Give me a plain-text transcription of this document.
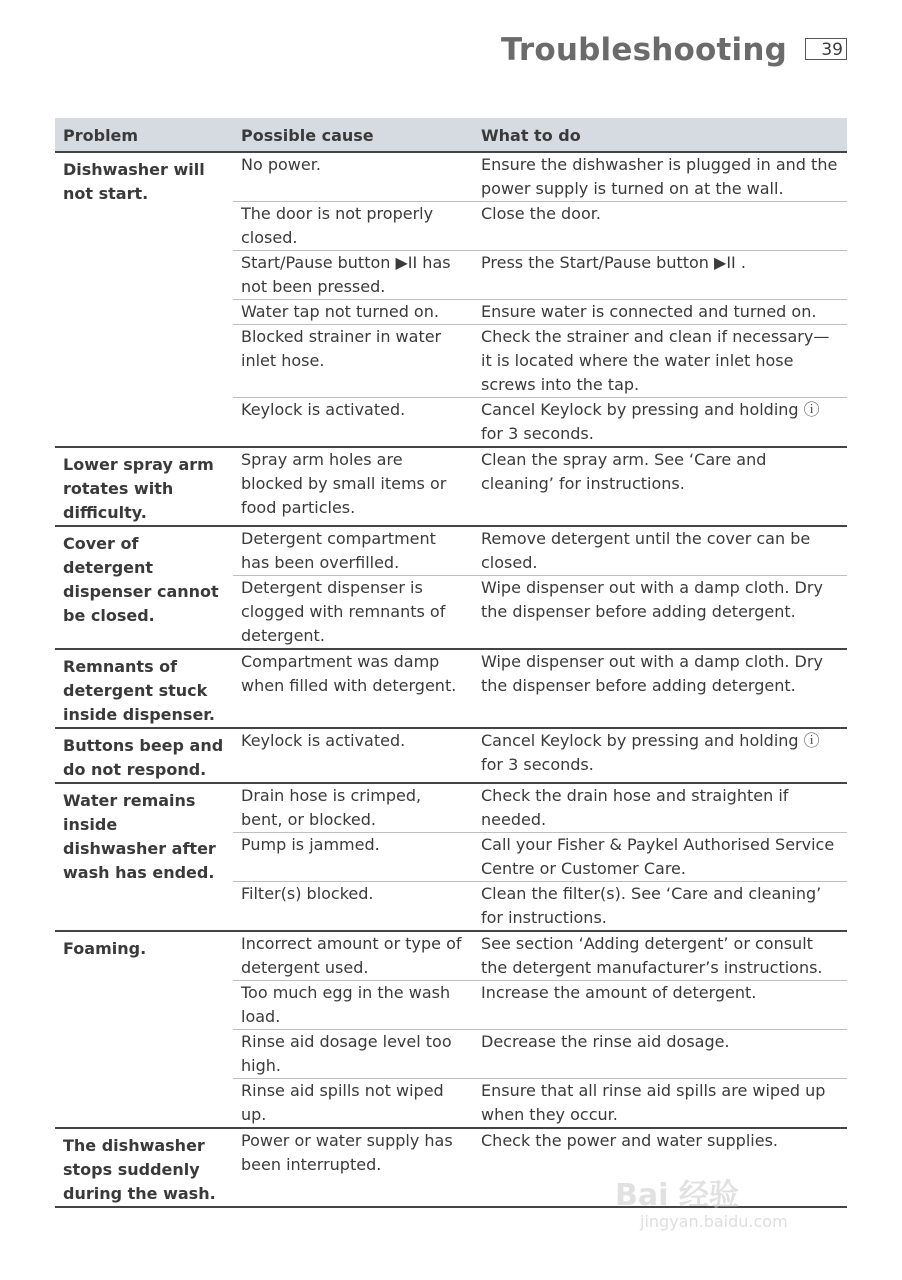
Troubleshooting	39
Problem	Possible cause	What to do
Dishwasher will not start.	No power.	Ensure the dishwasher is plugged in and the power supply is turned on at the wall.
	The door is not properly closed.	Close the door.
	Start/Pause button ▶II has not been pressed.	Press the Start/Pause button ▶II .
	Water tap not turned on.	Ensure water is connected and turned on.
	Blocked strainer in water inlet hose.	Check the strainer and clean if necessary—it is located where the water inlet hose screws into the tap.
	Keylock is activated.	Cancel Keylock by pressing and holding ⓘ for 3 seconds.
Lower spray arm rotates with difficulty.	Spray arm holes are blocked by small items or food particles.	Clean the spray arm. See ‘Care and cleaning’ for instructions.
Cover of detergent dispenser cannot be closed.	Detergent compartment has been overfilled.	Remove detergent until the cover can be closed.
	Detergent dispenser is clogged with remnants of detergent.	Wipe dispenser out with a damp cloth. Dry the dispenser before adding detergent.
Remnants of detergent stuck inside dispenser.	Compartment was damp when filled with detergent.	Wipe dispenser out with a damp cloth. Dry the dispenser before adding detergent.
Buttons beep and do not respond.	Keylock is activated.	Cancel Keylock by pressing and holding ⓘ for 3 seconds.
Water remains inside dishwasher after wash has ended.	Drain hose is crimped, bent, or blocked.	Check the drain hose and straighten if needed.
	Pump is jammed.	Call your Fisher & Paykel Authorised Service Centre or Customer Care.
	Filter(s) blocked.	Clean the filter(s). See ‘Care and cleaning’ for instructions.
Foaming.	Incorrect amount or type of detergent used.	See section ‘Adding detergent’ or consult the detergent manufacturer’s instructions.
	Too much egg in the wash load.	Increase the amount of detergent.
	Rinse aid dosage level too high.	Decrease the rinse aid dosage.
	Rinse aid spills not wiped up.	Ensure that all rinse aid spills are wiped up when they occur.
The dishwasher stops suddenly during the wash.	Power or water supply has been interrupted.	Check the power and water supplies.
Bai 经验
jingyan.baidu.com
